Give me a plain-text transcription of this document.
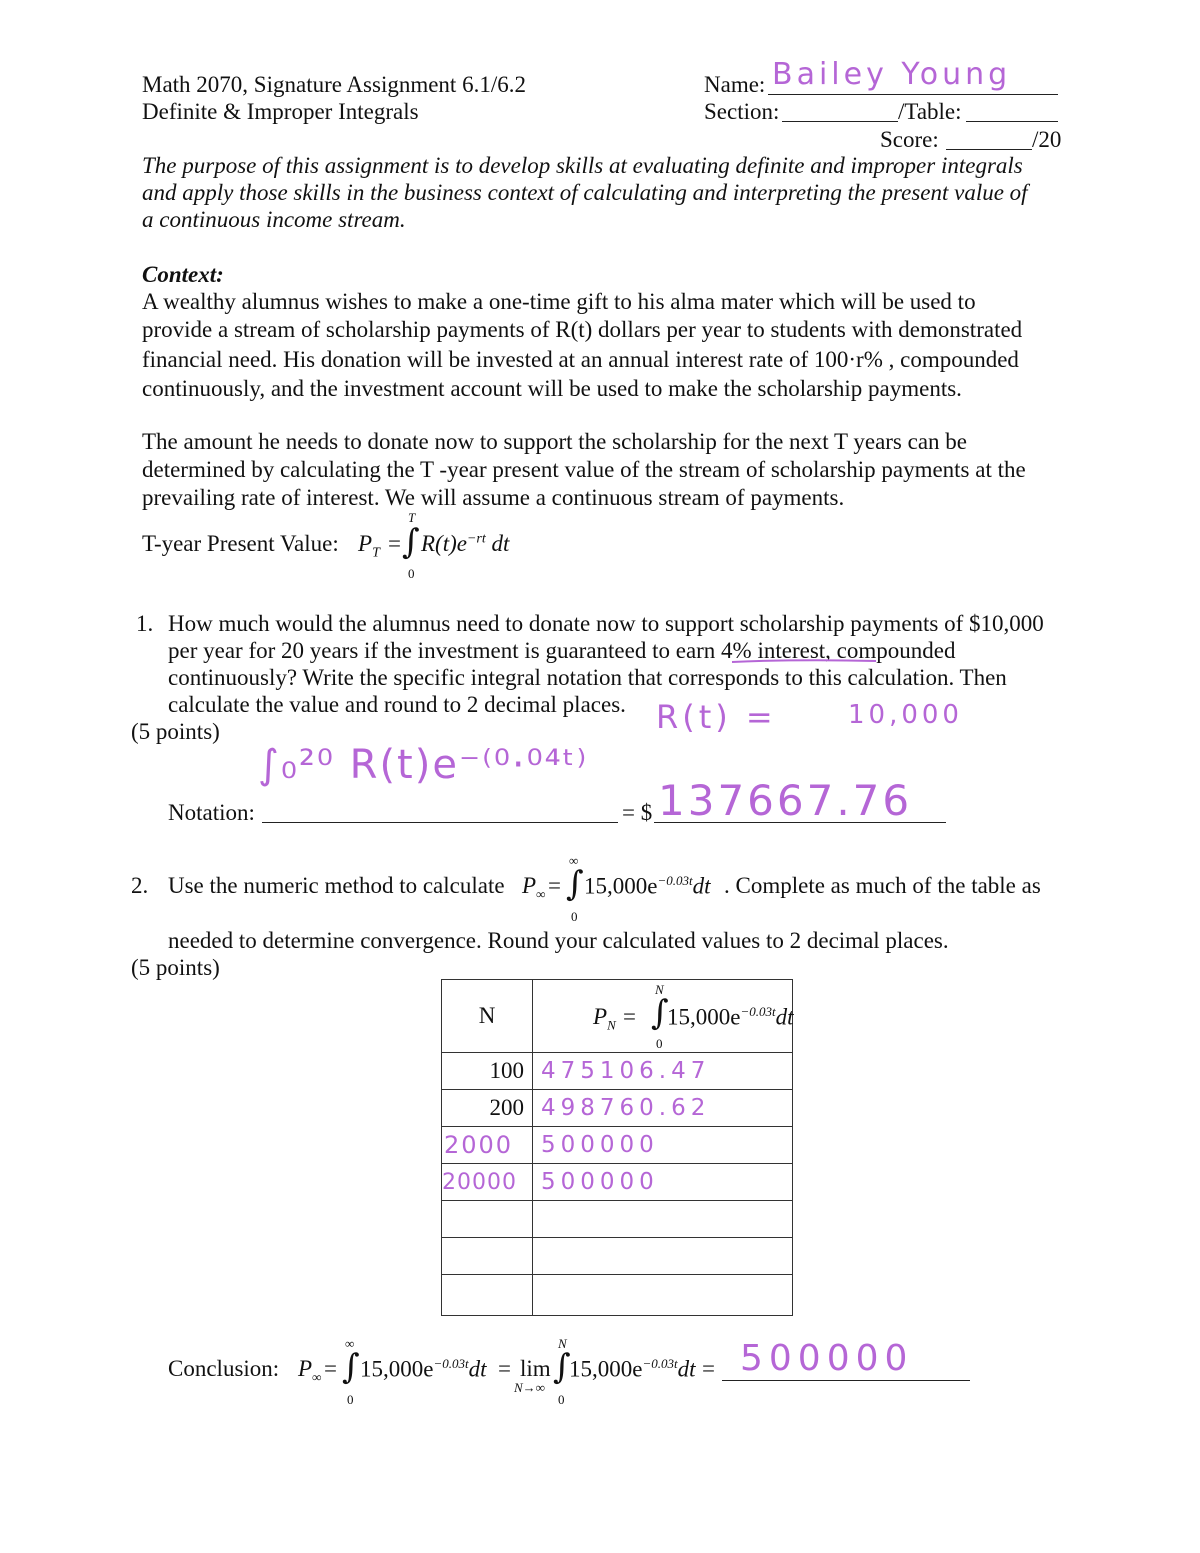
Math 2070, Signature Assignment 6.1/6.2
Definite & Improper Integrals
Name: Bailey Young
Section:	/Table:
Score:	/20
The purpose of this assignment is to develop skills at evaluating definite and improper integrals
and apply those skills in the business context of calculating and interpreting the present value of
a continuous income stream.
Context:
A wealthy alumnus wishes to make a one-time gift to his alma mater which will be used to
provide a stream of scholarship payments of R(t) dollars per year to students with demonstrated
financial need. His donation will be invested at an annual interest rate of 100·r% , compounded
continuously, and the investment account will be used to make the scholarship payments.
The amount he needs to donate now to support the scholarship for the next T years can be
determined by calculating the T -year present value of the stream of scholarship payments at the
prevailing rate of interest. We will assume a continuous stream of payments.
T-year Present Value: $P_T$ =
T
∫
0
$R(t)e^{-rt}$ dt
1. How much would the alumnus need to donate now to support scholarship payments of $10,000
per year for 20 years if the investment is guaranteed to earn 4% interest, compounded
continuously? Write the specific integral notation that corresponds to this calculation. Then
calculate the value and round to 2 decimal places.
(5 points)	R(t) =	10,000
Notation:
∫₀²⁰ R(t)e⁻⁽⁰·⁰⁴ᵗ⁾
= $ 137667.76
2. Use the numeric method to calculate $P_\infty$ =
∞
∫
0
$15,000e^{-0.03t}dt$ . Complete as much of the table as
needed to determine convergence. Round your calculated values to 2 decimal places.
(5 points)
N	$P_N$ =
N
∫
0
$15,000e^{-0.03t}dt$

100	475106.47
200	498760.62
2000	500000
20000	500000

Conclusion: $P_\infty$ =
∞
∫
0
$15,000e^{-0.03t}dt = \lim$
N→∞
N
∫
0
$15,000e^{-0.03t}dt = 500000$
